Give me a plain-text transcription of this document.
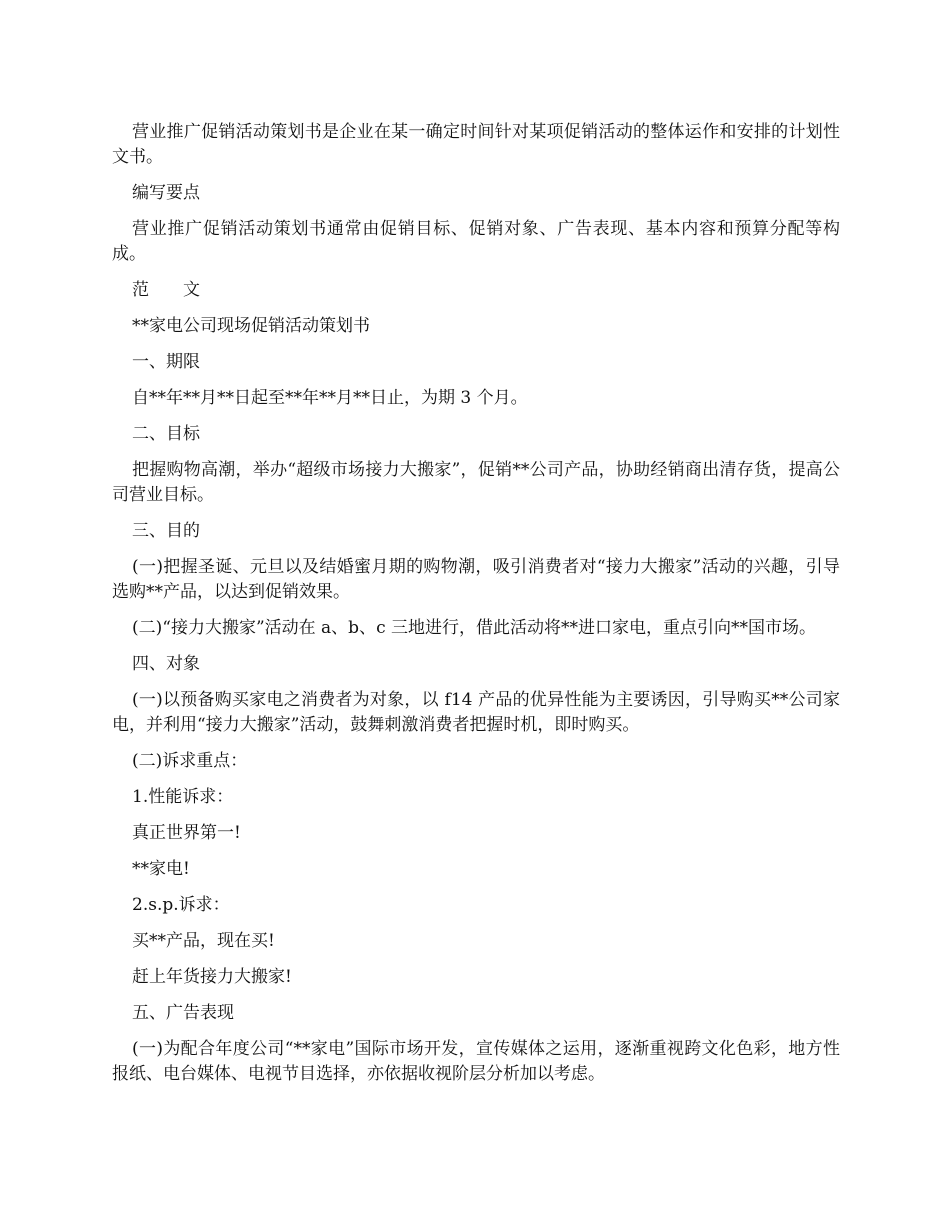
营业推广促销活动策划书是企业在某一确定时间针对某项促销活动的整体运作和安排的计划性文书。

编写要点

营业推广促销活动策划书通常由促销目标、促销对象、广告表现、基本内容和预算分配等构成。

范　　文

**家电公司现场促销活动策划书

一、期限

自**年**月**日起至**年**月**日止，为期 3 个月。

二、目标

把握购物高潮，举办“超级市场接力大搬家”，促销**公司产品，协助经销商出清存货，提高公司营业目标。

三、目的

(一)把握圣诞、元旦以及结婚蜜月期的购物潮，吸引消费者对“接力大搬家”活动的兴趣，引导选购**产品，以达到促销效果。

(二)“接力大搬家”活动在 a、b、c 三地进行，借此活动将**进口家电，重点引向**国市场。

四、对象

(一)以预备购买家电之消费者为对象，以 f14 产品的优异性能为主要诱因，引导购买**公司家电，并利用“接力大搬家”活动，鼓舞刺激消费者把握时机，即时购买。

(二)诉求重点：

1.性能诉求：

真正世界第一!

**家电!

2.s.p.诉求：

买**产品，现在买!

赶上年货接力大搬家!

五、广告表现

(一)为配合年度公司“**家电”国际市场开发，宣传媒体之运用，逐渐重视跨文化色彩，地方性报纸、电台媒体、电视节目选择，亦依据收视阶层分析加以考虑。
